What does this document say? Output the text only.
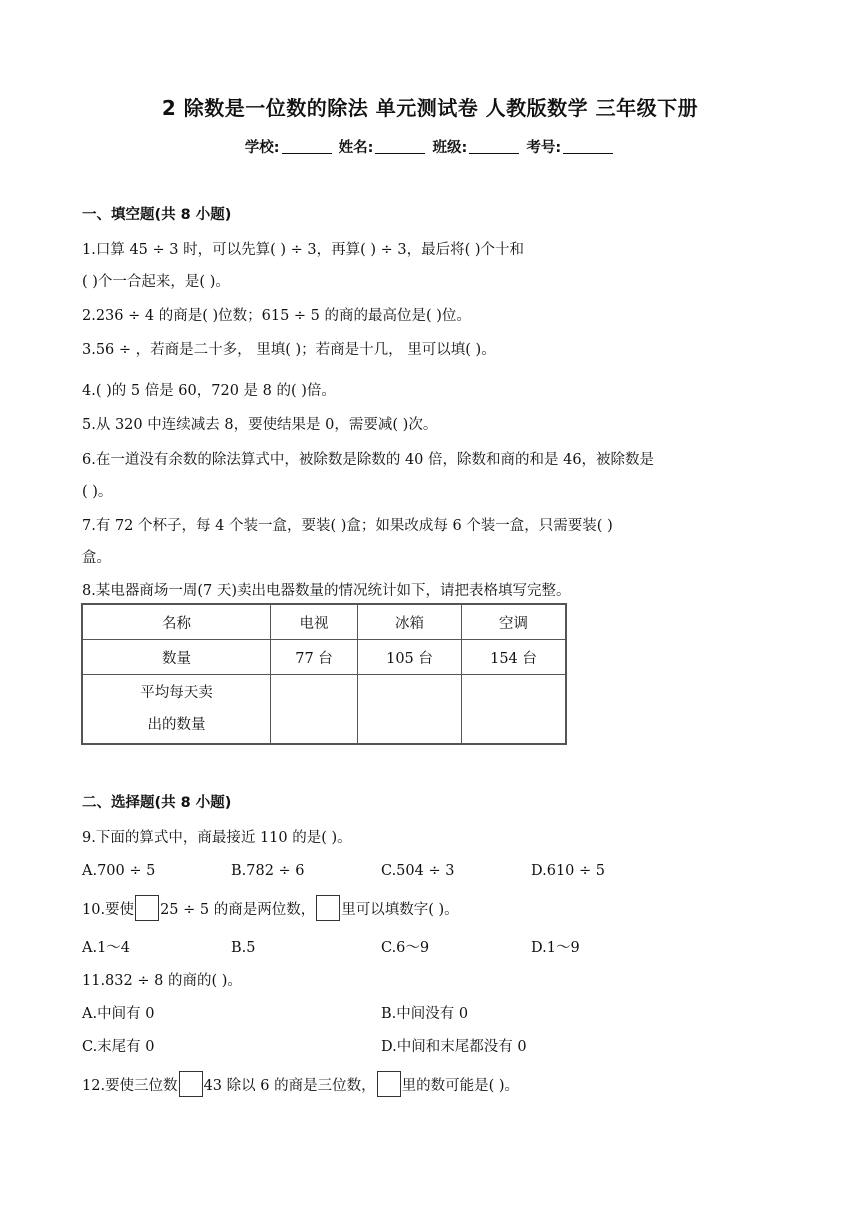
2 除数是一位数的除法 单元测试卷 人教版数学 三年级下册
学校:	姓名:	班级:	考号:
一、填空题(共 8 小题)
1.口算 45 ÷ 3 时，可以先算( ) ÷ 3，再算( ) ÷ 3，最后将( )个十和
( )个一合起来，是( )。
2.236 ÷ 4 的商是( )位数；615 ÷ 5 的商的最高位是( )位。
3.56 ÷ ，若商是二十多， 里填( )；若商是十几， 里可以填( )。
4.( )的 5 倍是 60，720 是 8 的( )倍。
5.从 320 中连续减去 8，要使结果是 0，需要减( )次。
6.在一道没有余数的除法算式中，被除数是除数的 40 倍，除数和商的和是 46，被除数是
( )。
7.有 72 个杯子，每 4 个装一盒，要装( )盒；如果改成每 6 个装一盒，只需要装( )
盒。
8.某电器商场一周(7 天)卖出电器数量的情况统计如下，请把表格填写完整。
名称	电视	冰箱	空调
数量	77 台	105 台	154 台

平均每天卖
出的数量			

二、选择题(共 8 小题)
9.下面的算式中，商最接近 110 的是( )。
A.700 ÷ 5	B.782 ÷ 6	C.504 ÷ 3	D.610 ÷ 5
10.要使 25 ÷ 5 的商是两位数， 里可以填数字( )。
A.1～4	B.5	C.6～9	D.1～9
11.832 ÷ 8 的商的( )。
A.中间有 0	B.中间没有 0
C.末尾有 0	D.中间和末尾都没有 0
12.要使三位数 43 除以 6 的商是三位数， 里的数可能是( )。
